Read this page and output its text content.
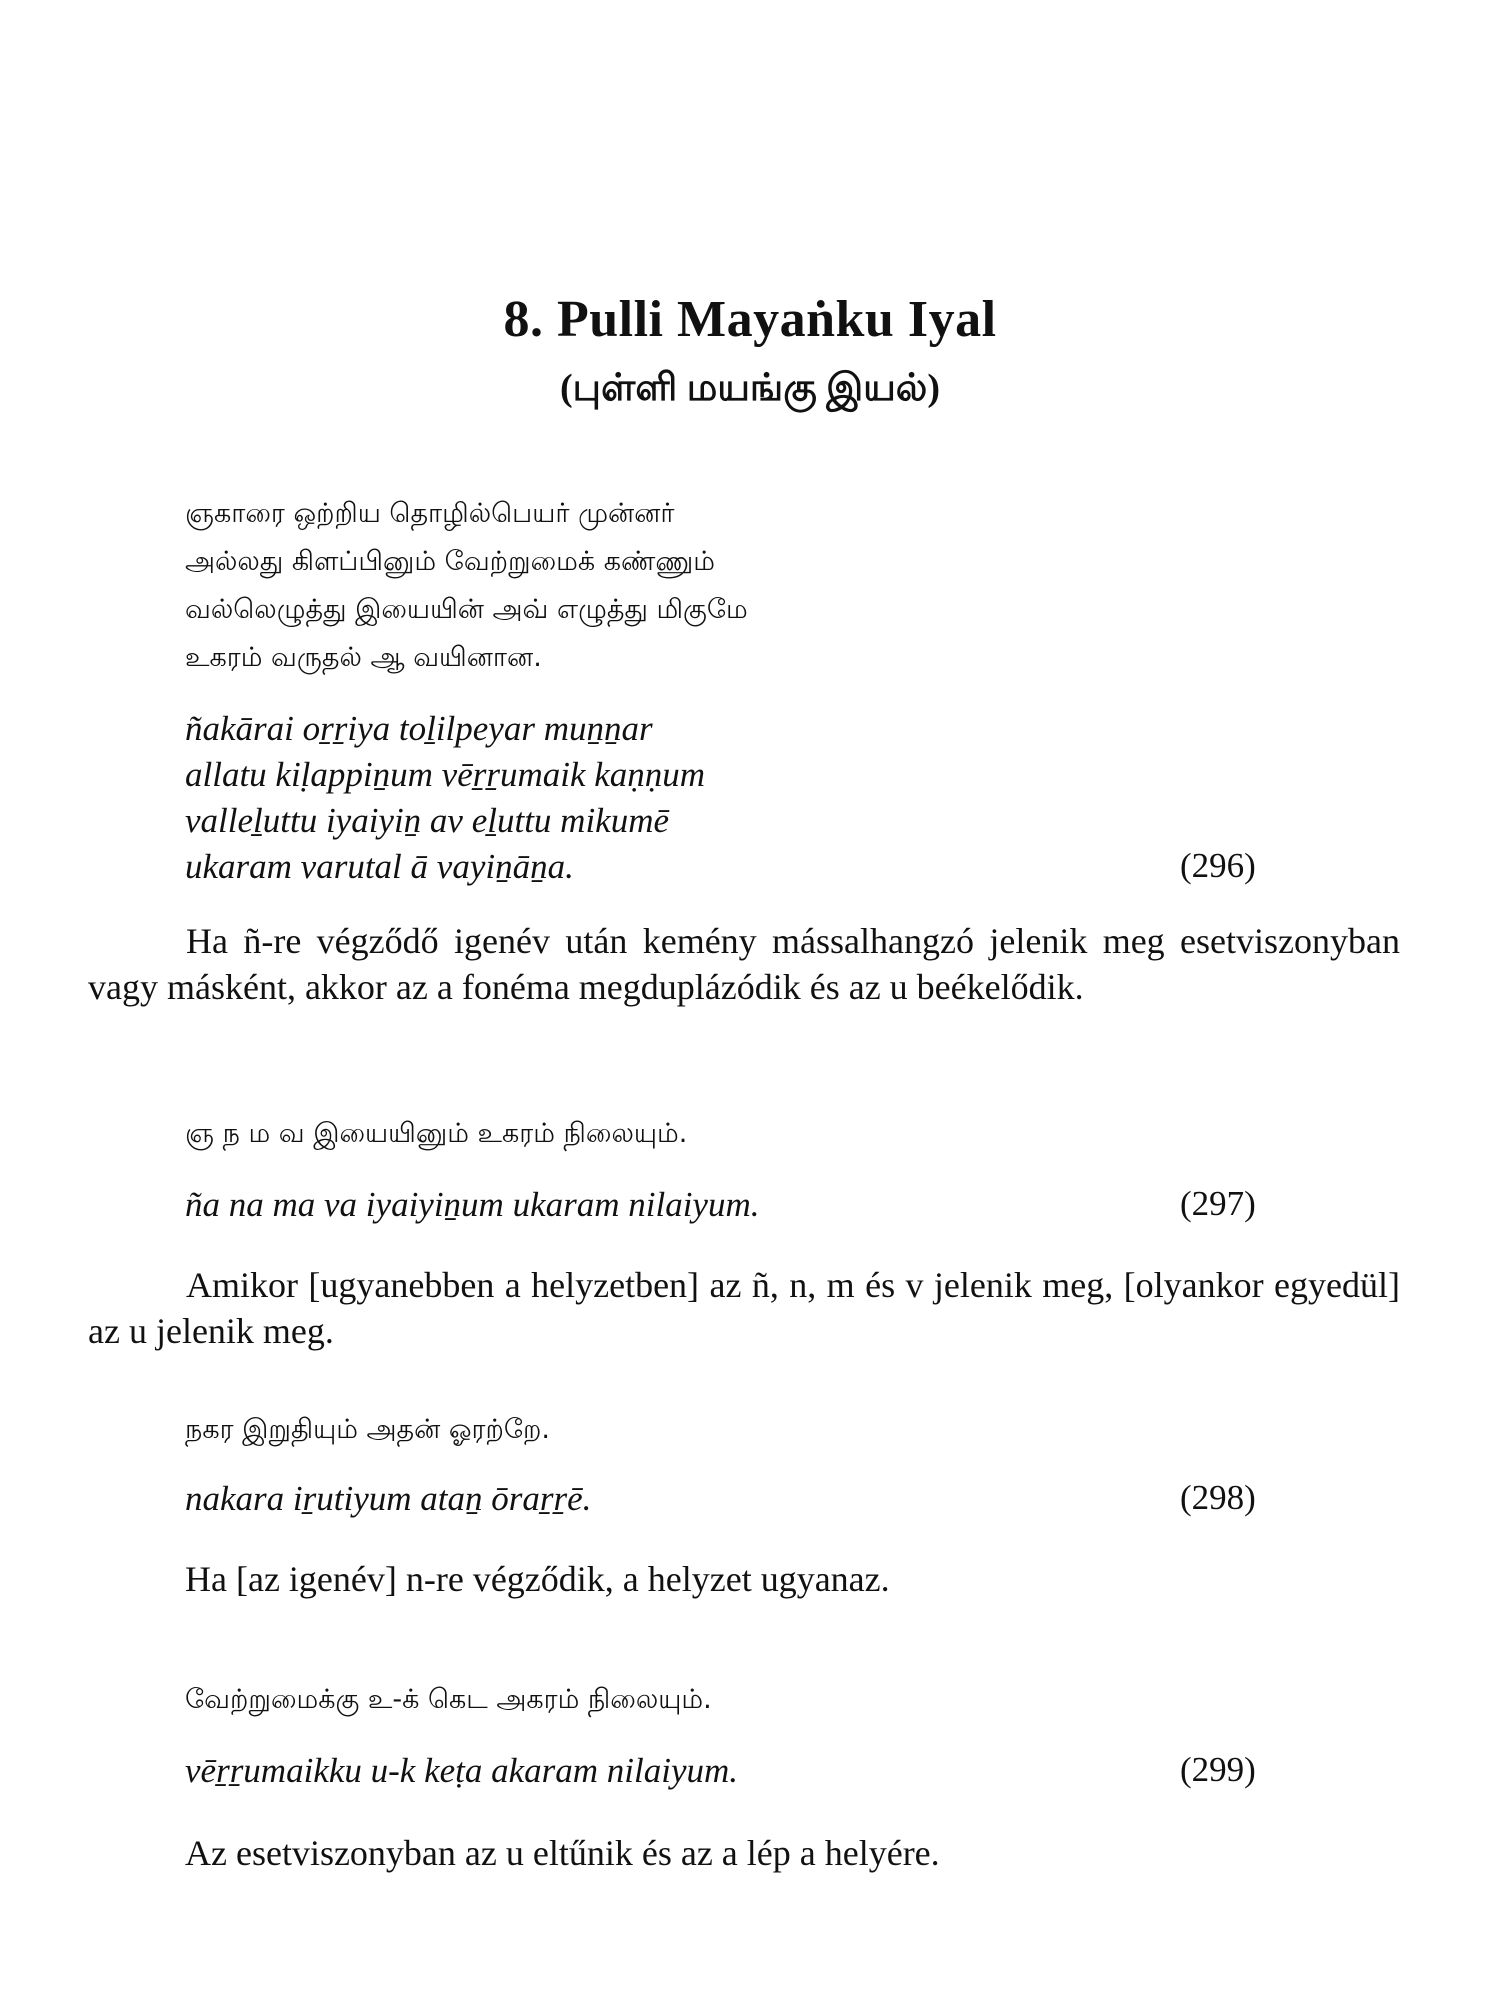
8. Pulli Mayaṅku Iyal
(புள்ளி மயங்கு இயல்)
ஞகாரை ஒற்றிய தொழில்பெயர் முன்னர்
அல்லது கிளப்பினும் வேற்றுமைக் கண்ணும்
வல்லெழுத்து இயையின் அவ் எழுத்து மிகுமே
உகரம் வருதல் ஆ வயினான.
ñakārai oṟṟiya toḻilpeyar muṉṉar
allatu kiḷappiṉum vēṟṟumaik kaṇṇum
valleḻuttu iyaiyiṉ av eḻuttu mikumē
ukaram varutal ā vayiṉāṉa.	(296)
Ha ñ-re végződő igenév után kemény mássalhangzó jelenik meg esetviszonyban vagy másként, akkor az a fonéma megduplázódik és az u beékelődik.
ஞ ந ம வ இயையினும் உகரம் நிலையும்.
ña na ma va iyaiyiṉum ukaram nilaiyum.	(297)
Amikor [ugyanebben a helyzetben] az ñ, n, m és v jelenik meg, [olyankor egyedül] az u jelenik meg.
நகர இறுதியும் அதன் ஓரற்றே.
nakara iṟutiyum ataṉ ōraṟṟē.	(298)
Ha [az igenév] n-re végződik, a helyzet ugyanaz.
வேற்றுமைக்கு உ-க் கெட அகரம் நிலையும்.
vēṟṟumaikku u-k keṭa akaram nilaiyum.	(299)
Az esetviszonyban az u eltűnik és az a lép a helyére.
